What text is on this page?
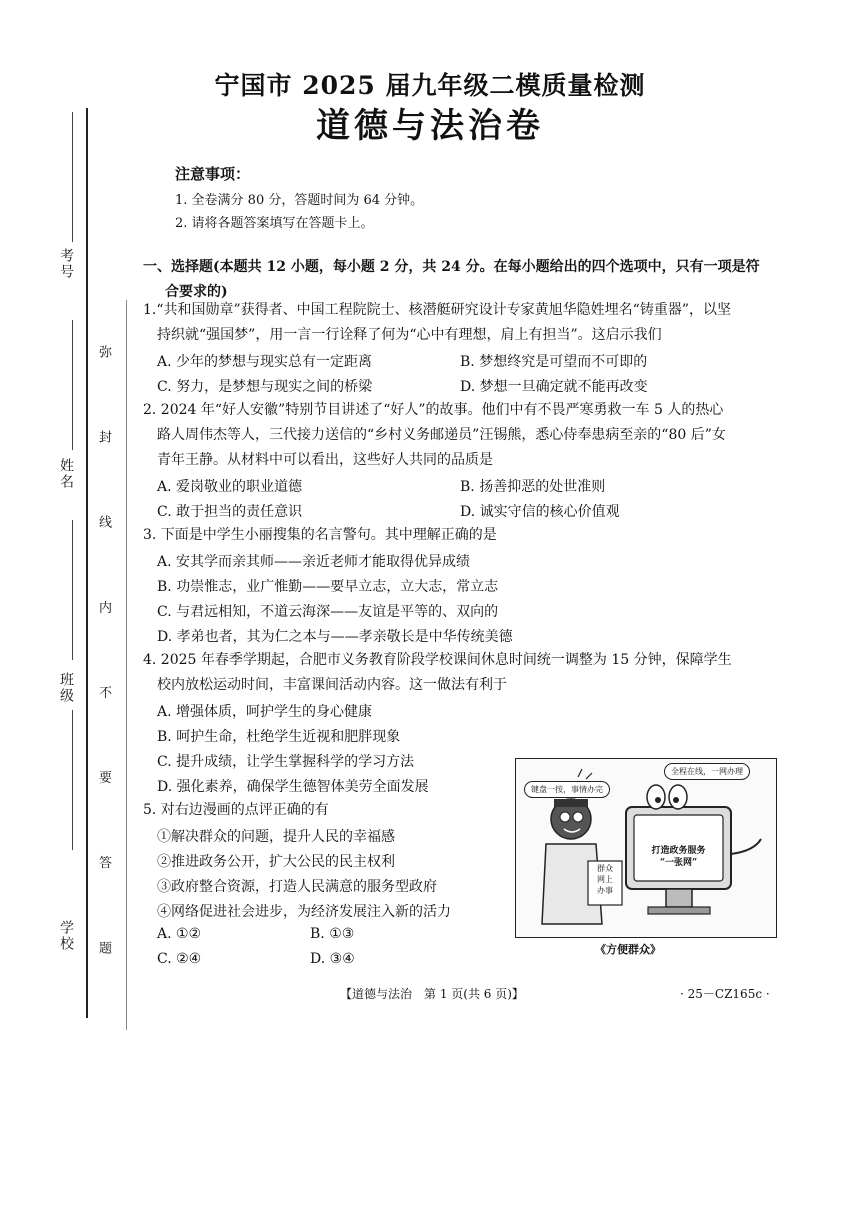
考号
姓名
班级
学校 弥 封 线 内 不 要 答 题
宁国市 2025 届九年级二模质量检测
道德与法治卷
注意事项：
1. 全卷满分 80 分，答题时间为 64 分钟。
2. 请将各题答案填写在答题卡上。
一、选择题(本题共 12 小题，每小题 2 分，共 24 分。在每小题给出的四个选项中，只有一项是符
合要求的)
1.“共和国勋章”获得者、中国工程院院士、核潜艇研究设计专家黄旭华隐姓埋名“铸重器”，以坚
持织就“强国梦”，用一言一行诠释了何为“心中有理想，肩上有担当”。这启示我们
A. 少年的梦想与现实总有一定距离	B. 梦想终究是可望而不可即的
C. 努力，是梦想与现实之间的桥梁	D. 梦想一旦确定就不能再改变
2. 2024 年“好人安徽”特别节目讲述了“好人”的故事。他们中有不畏严寒勇救一车 5 人的热心
路人周伟杰等人，三代接力送信的“乡村义务邮递员”汪锡熊，悉心侍奉患病至亲的“80 后”女
青年王静。从材料中可以看出，这些好人共同的品质是
A. 爱岗敬业的职业道德	B. 扬善抑恶的处世准则
C. 敢于担当的责任意识	D. 诚实守信的核心价值观
3. 下面是中学生小丽搜集的名言警句。其中理解正确的是
A. 安其学而亲其师——亲近老师才能取得优异成绩
B. 功崇惟志，业广惟勤——要早立志，立大志，常立志
C. 与君远相知，不道云海深——友谊是平等的、双向的
D. 孝弟也者，其为仁之本与——孝亲敬长是中华传统美德
4. 2025 年春季学期起，合肥市义务教育阶段学校课间休息时间统一调整为 15 分钟，保障学生
校内放松运动时间，丰富课间活动内容。这一做法有利于
A. 增强体质，呵护学生的身心健康
B. 呵护生命，杜绝学生近视和肥胖现象
C. 提升成绩，让学生掌握科学的学习方法
D. 强化素养，确保学生德智体美劳全面发展
5. 对右边漫画的点评正确的有
①解决群众的问题，提升人民的幸福感
②推进政务公开，扩大公民的民主权利
③政府整合资源，打造人民满意的服务型政府
④网络促进社会进步，为经济发展注入新的活力
A. ①②	B. ①③
C. ②④	D. ③④
键盘一按，事情办完
全程在线，一网办理
打造政务服务
“一张网”
群众
网上
办事
《方便群众》
【道德与法治　第 1 页(共 6 页)】	· 25－CZ165c ·
